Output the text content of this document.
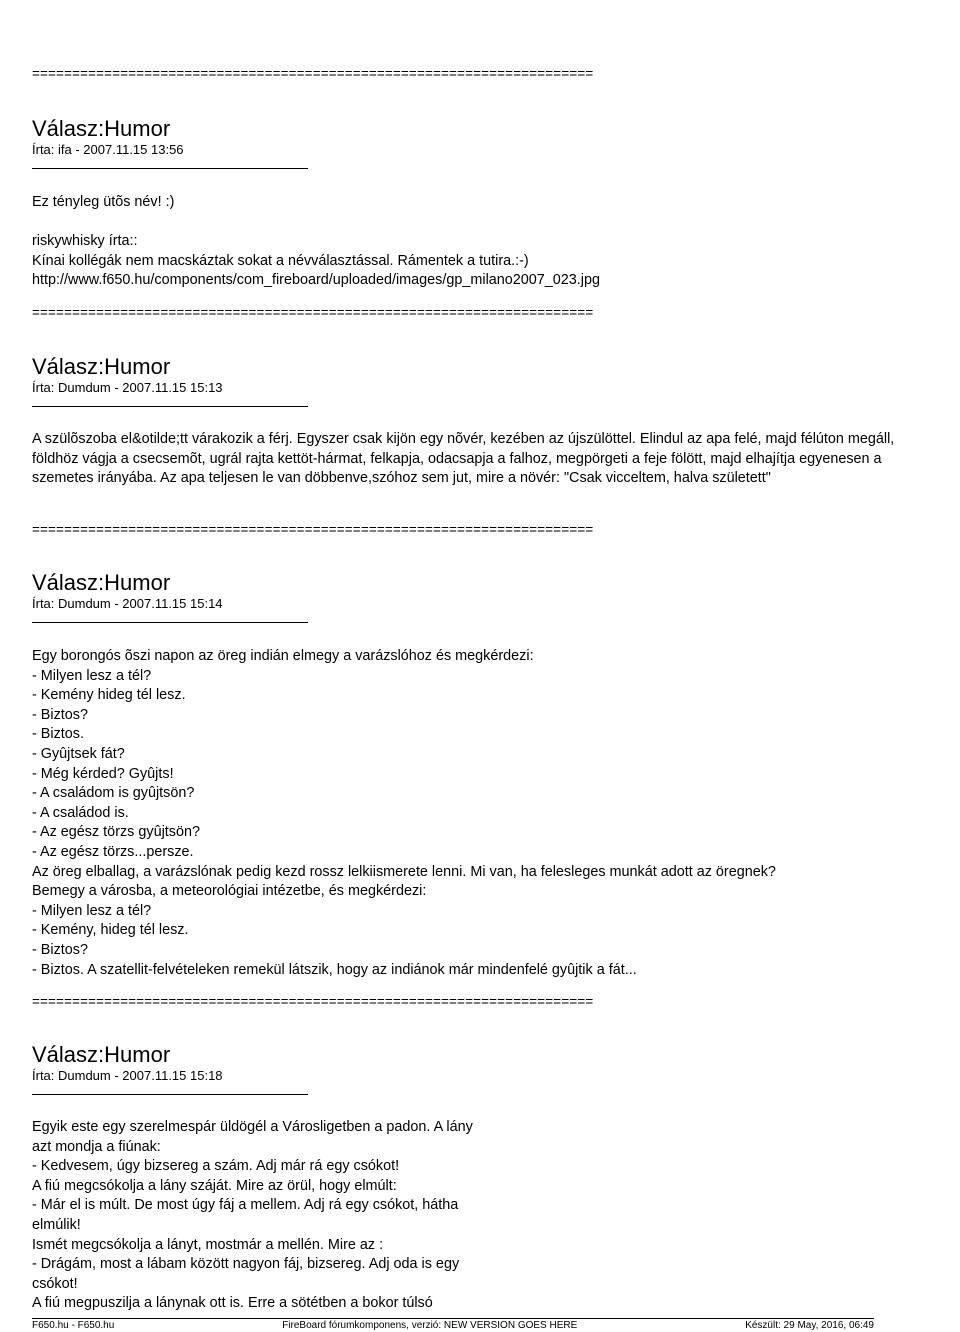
======================================================================
Válasz:Humor
Írta: ifa - 2007.11.15 13:56
Ez tényleg ütõs név! :)

riskywhisky írta::
Kínai kollégák nem macskáztak sokat a névválasztással. Rámentek a tutira.:-)
http://www.f650.hu/components/com_fireboard/uploaded/images/gp_milano2007_023.jpg
======================================================================
Válasz:Humor
Írta: Dumdum - 2007.11.15 15:13
A szülõszoba el&otilde;tt várakozik a férj. Egyszer csak kijön egy nõvér, kezében az újszülöttel. Elindul az apa felé, majd félúton megáll, földhöz vágja a csecsemõt, ugrál rajta kettöt-hármat, felkapja, odacsapja a falhoz, megpörgeti a feje fölött, majd elhajítja egyenesen a szemetes irányába. Az apa teljesen le van döbbenve,szóhoz sem jut, mire a növér: "Csak vicceltem, halva született"
======================================================================
Válasz:Humor
Írta: Dumdum - 2007.11.15 15:14
Egy borongós õszi napon az öreg indián elmegy a varázslóhoz és megkérdezi:
- Milyen lesz a tél?
- Kemény hideg tél lesz.
- Biztos?
- Biztos.
- Gyûjtsek fát?
- Még kérded? Gyûjts!
- A családom is gyûjtsön?
- A családod is.
- Az egész törzs gyûjtsön?
- Az egész törzs...persze.
Az öreg elballag, a varázslónak pedig kezd rossz lelkiismerete lenni. Mi van, ha felesleges munkát adott az öregnek?
Bemegy a városba, a meteorológiai intézetbe, és megkérdezi:
- Milyen lesz a tél?
- Kemény, hideg tél lesz.
- Biztos?
- Biztos. A szatellit-felvételeken remekül látszik, hogy az indiánok már mindenfelé gyûjtik a fát...
======================================================================
Válasz:Humor
Írta: Dumdum - 2007.11.15 15:18
Egyik este egy szerelmespár üldögél a Városligetben a padon. A lány
azt mondja a fiúnak:
- Kedvesem, úgy bizsereg a szám. Adj már rá egy csókot!
A fiú megcsókolja a lány száját. Mire az örül, hogy elmúlt:
- Már el is múlt. De most úgy fáj a mellem. Adj rá egy csókot, hátha
elmúlik!
Ismét megcsókolja a lányt, mostmár a mellén. Mire az :
- Drágám, most a lábam között nagyon fáj, bizsereg. Adj oda is egy
csókot!
A fiú megpuszilja a lánynak ott is. Erre a sötétben a bokor túlsó
F650.hu - F650.hu	FireBoard fórumkomponens, verzió: NEW VERSION GOES HERE	Készült: 29 May, 2016, 06:49
